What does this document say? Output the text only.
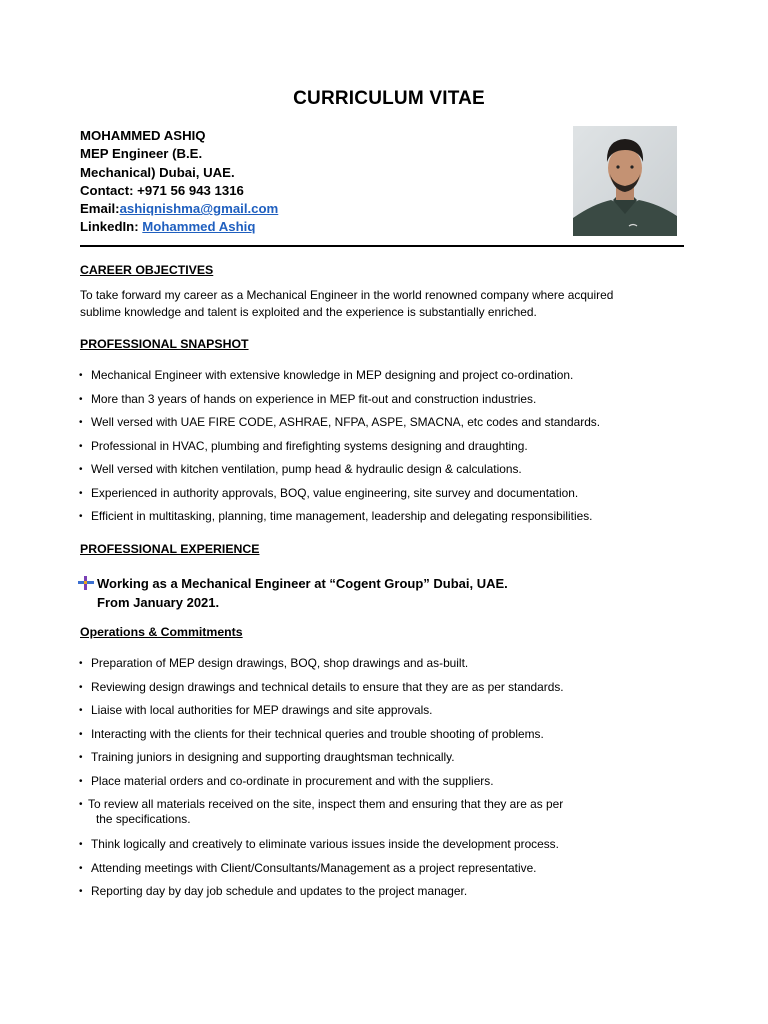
CURRICULUM VITAE
MOHAMMED ASHIQ
MEP Engineer (B.E.
Mechanical) Dubai, UAE.
Contact: +971 56 943 1316
Email:ashiqnishma@gmail.com
LinkedIn: Mohammed Ashiq
CAREER OBJECTIVES
To take forward my career as a Mechanical Engineer in the world renowned company where acquired
sublime knowledge and talent is exploited and the experience is substantially enriched.
PROFESSIONAL SNAPSHOT
• Mechanical Engineer with extensive knowledge in MEP designing and project co-ordination.
• More than 3 years of hands on experience in MEP fit-out and construction industries.
• Well versed with UAE FIRE CODE, ASHRAE, NFPA, ASPE, SMACNA, etc codes and standards.
• Professional in HVAC, plumbing and firefighting systems designing and draughting.
• Well versed with kitchen ventilation, pump head & hydraulic design & calculations.
• Experienced in authority approvals, BOQ, value engineering, site survey and documentation.
• Efficient in multitasking, planning, time management, leadership and delegating responsibilities.
PROFESSIONAL EXPERIENCE
Working as a Mechanical Engineer at “Cogent Group” Dubai, UAE.
From January 2021.
Operations & Commitments
• Preparation of MEP design drawings, BOQ, shop drawings and as-built.
• Reviewing design drawings and technical details to ensure that they are as per standards.
• Liaise with local authorities for MEP drawings and site approvals.
• Interacting with the clients for their technical queries and trouble shooting of problems.
• Training juniors in designing and supporting draughtsman technically.
• Place material orders and co-ordinate in procurement and with the suppliers.
• To review all materials received on the site, inspect them and ensuring that they are as per
the specifications.
• Think logically and creatively to eliminate various issues inside the development process.
• Attending meetings with Client/Consultants/Management as a project representative.
• Reporting day by day job schedule and updates to the project manager.
